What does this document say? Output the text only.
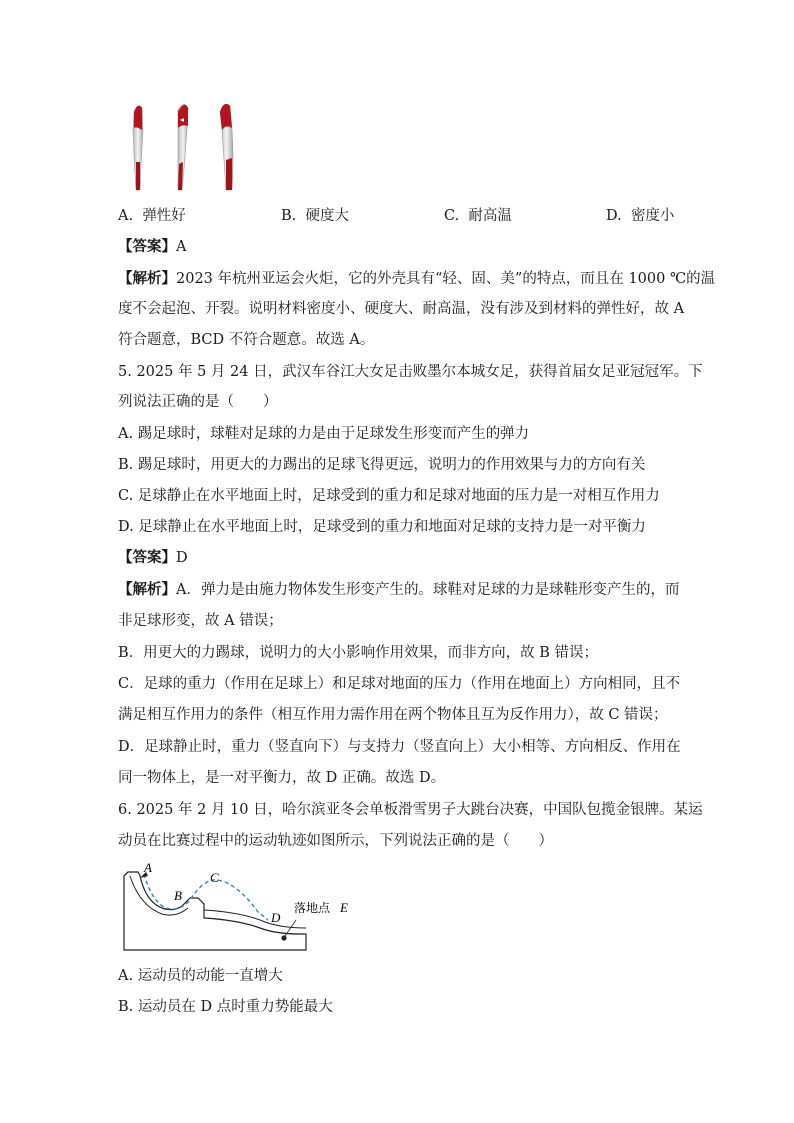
A. 弹性好	B. 硬度大	C. 耐高温	D. 密度小
【答案】A
【解析】2023 年杭州亚运会火炬，它的外壳具有“轻、固、美”的特点，而且在 1000 ℃的温
度不会起泡、开裂。说明材料密度小、硬度大、耐高温，没有涉及到材料的弹性好，故 A
符合题意，BCD 不符合题意。故选 A。
5. 2025 年 5 月 24 日，武汉车谷江大女足击败墨尔本城女足，获得首届女足亚冠冠军。下
列说法正确的是（　　）
A. 踢足球时，球鞋对足球的力是由于足球发生形变而产生的弹力
B. 踢足球时，用更大的力踢出的足球飞得更远，说明力的作用效果与力的方向有关
C. 足球静止在水平地面上时，足球受到的重力和足球对地面的压力是一对相互作用力
D. 足球静止在水平地面上时，足球受到的重力和地面对足球的支持力是一对平衡力
【答案】D
【解析】A．弹力是由施力物体发生形变产生的。球鞋对足球的力是球鞋形变产生的，而
非足球形变，故 A 错误；
B．用更大的力踢球，说明力的大小影响作用效果，而非方向，故 B 错误；
C．足球的重力（作用在足球上）和足球对地面的压力（作用在地面上）方向相同，且不
满足相互作用力的条件（相互作用力需作用在两个物体且互为反作用力），故 C 错误；
D．足球静止时，重力（竖直向下）与支持力（竖直向上）大小相等、方向相反、作用在
同一物体上，是一对平衡力，故 D 正确。故选 D。
6. 2025 年 2 月 10 日，哈尔滨亚冬会单板滑雪男子大跳台决赛，中国队包揽金银牌。某运
动员在比赛过程中的运动轨迹如图所示，下列说法正确的是（　　）
A
B
C
D
落地点 E
A. 运动员的动能一直增大
B. 运动员在 D 点时重力势能最大
